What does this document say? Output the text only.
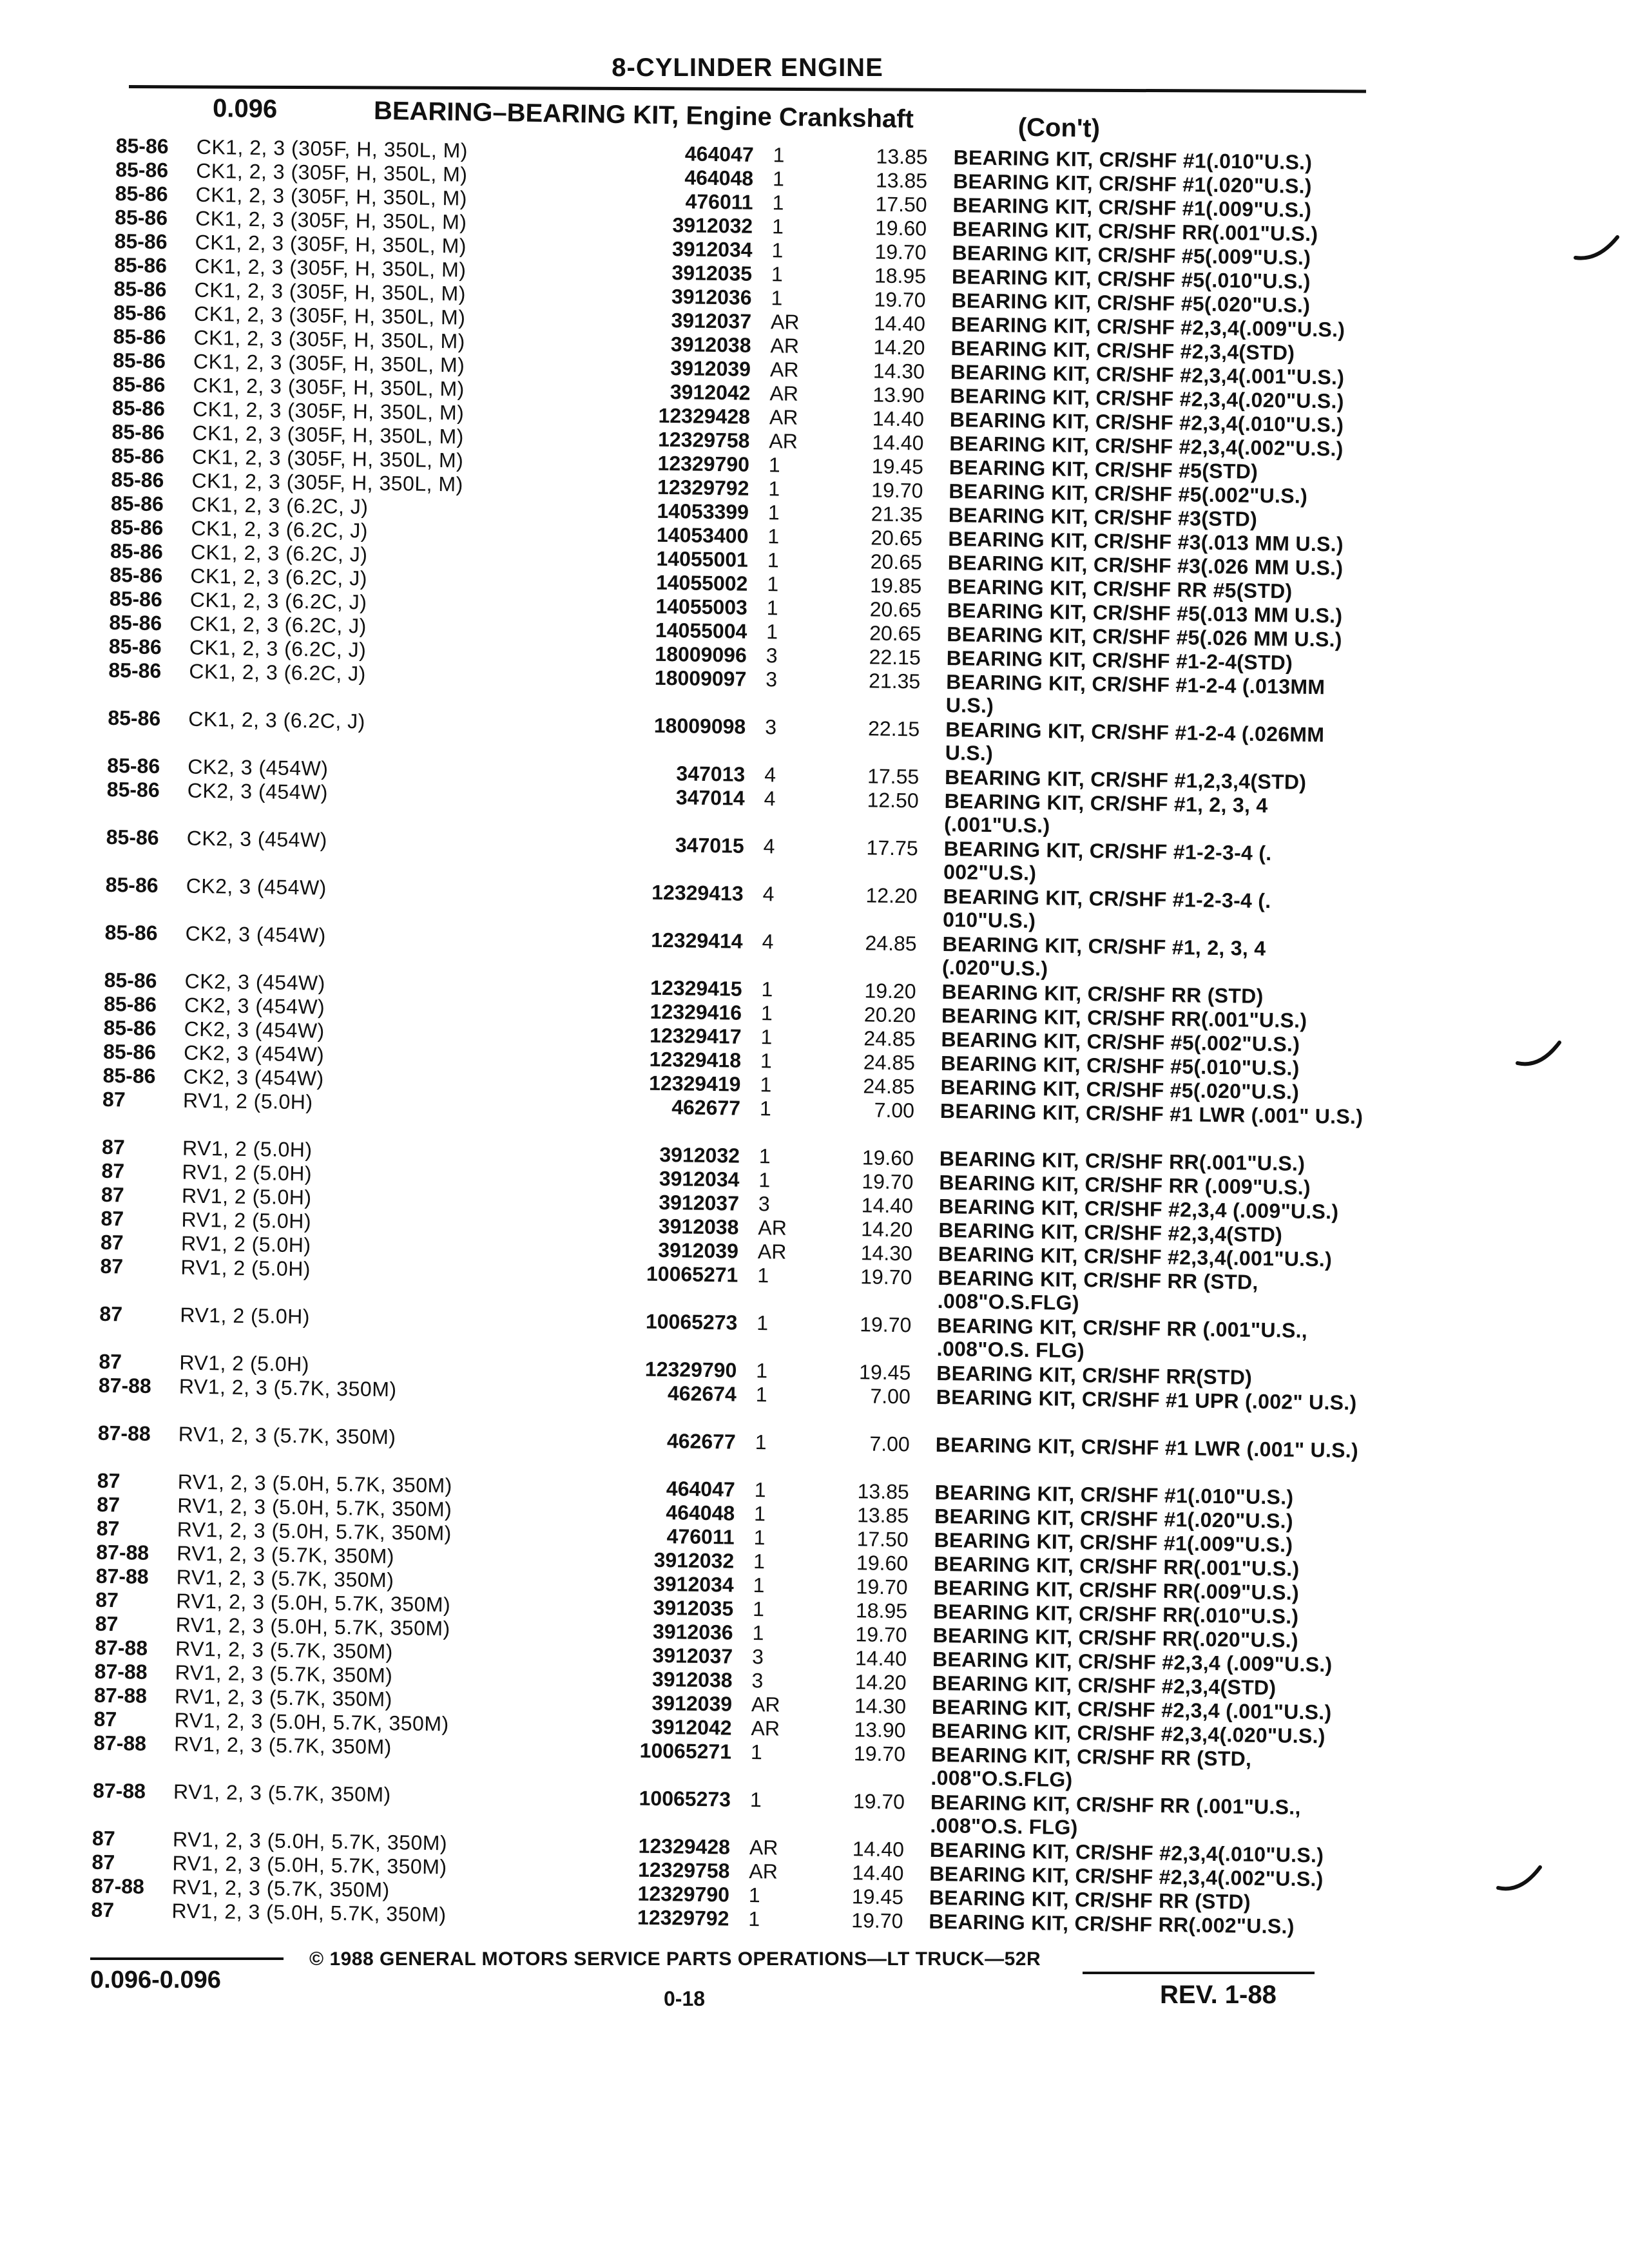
8-CYLINDER ENGINE
0.096	BEARING–BEARING KIT, Engine Crankshaft	(Con't)
85-86	CK1, 2, 3 (305F, H, 350L, M)	464047 1	13.85 BEARING KIT, CR/SHF #1(.010"U.S.)
85-86	CK1, 2, 3 (305F, H, 350L, M)	464048 1	13.85 BEARING KIT, CR/SHF #1(.020"U.S.)
85-86	CK1, 2, 3 (305F, H, 350L, M)	476011 1	17.50 BEARING KIT, CR/SHF #1(.009"U.S.)
85-86	CK1, 2, 3 (305F, H, 350L, M)	3912032 1	19.60 BEARING KIT, CR/SHF RR(.001"U.S.)
85-86	CK1, 2, 3 (305F, H, 350L, M)	3912034 1	19.70 BEARING KIT, CR/SHF #5(.009"U.S.)
85-86	CK1, 2, 3 (305F, H, 350L, M)	3912035 1	18.95 BEARING KIT, CR/SHF #5(.010"U.S.)
85-86	CK1, 2, 3 (305F, H, 350L, M)	3912036 1	19.70 BEARING KIT, CR/SHF #5(.020"U.S.)
85-86	CK1, 2, 3 (305F, H, 350L, M)	3912037 AR	14.40 BEARING KIT, CR/SHF #2,3,4(.009"U.S.)
85-86	CK1, 2, 3 (305F, H, 350L, M)	3912038 AR	14.20 BEARING KIT, CR/SHF #2,3,4(STD)
85-86	CK1, 2, 3 (305F, H, 350L, M)	3912039 AR	14.30 BEARING KIT, CR/SHF #2,3,4(.001"U.S.)
85-86	CK1, 2, 3 (305F, H, 350L, M)	3912042 AR	13.90 BEARING KIT, CR/SHF #2,3,4(.020"U.S.)
85-86	CK1, 2, 3 (305F, H, 350L, M)	12329428 AR	14.40 BEARING KIT, CR/SHF #2,3,4(.010"U.S.)
85-86	CK1, 2, 3 (305F, H, 350L, M)	12329758 AR	14.40 BEARING KIT, CR/SHF #2,3,4(.002"U.S.)
85-86	CK1, 2, 3 (305F, H, 350L, M)	12329790 1	19.45 BEARING KIT, CR/SHF #5(STD)
85-86	CK1, 2, 3 (305F, H, 350L, M)	12329792 1	19.70 BEARING KIT, CR/SHF #5(.002"U.S.)
85-86	CK1, 2, 3 (6.2C, J)	14053399 1	21.35 BEARING KIT, CR/SHF #3(STD)
85-86	CK1, 2, 3 (6.2C, J)	14053400 1	20.65 BEARING KIT, CR/SHF #3(.013 MM U.S.)
85-86	CK1, 2, 3 (6.2C, J)	14055001 1	20.65 BEARING KIT, CR/SHF #3(.026 MM U.S.)
85-86	CK1, 2, 3 (6.2C, J)	14055002 1	19.85 BEARING KIT, CR/SHF RR #5(STD)
85-86	CK1, 2, 3 (6.2C, J)	14055003 1	20.65 BEARING KIT, CR/SHF #5(.013 MM U.S.)
85-86	CK1, 2, 3 (6.2C, J)	14055004 1	20.65 BEARING KIT, CR/SHF #5(.026 MM U.S.)
85-86	CK1, 2, 3 (6.2C, J)	18009096 3	22.15 BEARING KIT, CR/SHF #1-2-4(STD)
85-86	CK1, 2, 3 (6.2C, J)	18009097 3	21.35 BEARING KIT, CR/SHF #1-2-4 (.013MM U.S.)
85-86	CK1, 2, 3 (6.2C, J)	18009098 3	22.15 BEARING KIT, CR/SHF #1-2-4 (.026MM U.S.)
85-86	CK2, 3 (454W)	347013 4	17.55 BEARING KIT, CR/SHF #1,2,3,4(STD)
85-86	CK2, 3 (454W)	347014 4	12.50 BEARING KIT, CR/SHF #1, 2, 3, 4 (.001"U.S.)
85-86	CK2, 3 (454W)	347015 4	17.75 BEARING KIT, CR/SHF #1-2-3-4 (. 002"U.S.)
85-86	CK2, 3 (454W)	12329413 4	12.20 BEARING KIT, CR/SHF #1-2-3-4 (. 010"U.S.)
85-86	CK2, 3 (454W)	12329414 4	24.85 BEARING KIT, CR/SHF #1, 2, 3, 4 (.020"U.S.)
85-86	CK2, 3 (454W)	12329415 1	19.20 BEARING KIT, CR/SHF RR (STD)
85-86	CK2, 3 (454W)	12329416 1	20.20 BEARING KIT, CR/SHF RR(.001"U.S.)
85-86	CK2, 3 (454W)	12329417 1	24.85 BEARING KIT, CR/SHF #5(.002"U.S.)
85-86	CK2, 3 (454W)	12329418 1	24.85 BEARING KIT, CR/SHF #5(.010"U.S.)
85-86	CK2, 3 (454W)	12329419 1	24.85 BEARING KIT, CR/SHF #5(.020"U.S.)
87	RV1, 2 (5.0H)	462677 1	7.00 BEARING KIT, CR/SHF #1 LWR (.001" U.S.)
87	RV1, 2 (5.0H)	3912032 1	19.60 BEARING KIT, CR/SHF RR(.001"U.S.)
87	RV1, 2 (5.0H)	3912034 1	19.70 BEARING KIT, CR/SHF RR (.009"U.S.)
87	RV1, 2 (5.0H)	3912037 3	14.40 BEARING KIT, CR/SHF #2,3,4 (.009"U.S.)
87	RV1, 2 (5.0H)	3912038 AR	14.20 BEARING KIT, CR/SHF #2,3,4(STD)
87	RV1, 2 (5.0H)	3912039 AR	14.30 BEARING KIT, CR/SHF #2,3,4(.001"U.S.)
87	RV1, 2 (5.0H)	10065271 1	19.70 BEARING KIT, CR/SHF RR (STD, .008"O.S.FLG)
87	RV1, 2 (5.0H)	10065273 1	19.70 BEARING KIT, CR/SHF RR (.001"U.S., .008"O.S. FLG)
87	RV1, 2 (5.0H)	12329790 1	19.45 BEARING KIT, CR/SHF RR(STD)
87-88	RV1, 2, 3 (5.7K, 350M)	462674 1	7.00 BEARING KIT, CR/SHF #1 UPR (.002" U.S.)
87-88	RV1, 2, 3 (5.7K, 350M)	462677 1	7.00 BEARING KIT, CR/SHF #1 LWR (.001" U.S.)
87	RV1, 2, 3 (5.0H, 5.7K, 350M)	464047 1	13.85 BEARING KIT, CR/SHF #1(.010"U.S.)
87	RV1, 2, 3 (5.0H, 5.7K, 350M)	464048 1	13.85 BEARING KIT, CR/SHF #1(.020"U.S.)
87	RV1, 2, 3 (5.0H, 5.7K, 350M)	476011 1	17.50 BEARING KIT, CR/SHF #1(.009"U.S.)
87-88	RV1, 2, 3 (5.7K, 350M)	3912032 1	19.60 BEARING KIT, CR/SHF RR(.001"U.S.)
87-88	RV1, 2, 3 (5.7K, 350M)	3912034 1	19.70 BEARING KIT, CR/SHF RR(.009"U.S.)
87	RV1, 2, 3 (5.0H, 5.7K, 350M)	3912035 1	18.95 BEARING KIT, CR/SHF RR(.010"U.S.)
87	RV1, 2, 3 (5.0H, 5.7K, 350M)	3912036 1	19.70 BEARING KIT, CR/SHF RR(.020"U.S.)
87-88	RV1, 2, 3 (5.7K, 350M)	3912037 3	14.40 BEARING KIT, CR/SHF #2,3,4 (.009"U.S.)
87-88	RV1, 2, 3 (5.7K, 350M)	3912038 3	14.20 BEARING KIT, CR/SHF #2,3,4(STD)
87-88	RV1, 2, 3 (5.7K, 350M)	3912039 AR	14.30 BEARING KIT, CR/SHF #2,3,4 (.001"U.S.)
87	RV1, 2, 3 (5.0H, 5.7K, 350M)	3912042 AR	13.90 BEARING KIT, CR/SHF #2,3,4(.020"U.S.)
87-88	RV1, 2, 3 (5.7K, 350M)	10065271 1	19.70 BEARING KIT, CR/SHF RR (STD, .008"O.S.FLG)
87-88	RV1, 2, 3 (5.7K, 350M)	10065273 1	19.70 BEARING KIT, CR/SHF RR (.001"U.S., .008"O.S. FLG)
87	RV1, 2, 3 (5.0H, 5.7K, 350M)	12329428 AR	14.40 BEARING KIT, CR/SHF #2,3,4(.010"U.S.)
87	RV1, 2, 3 (5.0H, 5.7K, 350M)	12329758 AR	14.40 BEARING KIT, CR/SHF #2,3,4(.002"U.S.)
87-88	RV1, 2, 3 (5.7K, 350M)	12329790 1	19.45 BEARING KIT, CR/SHF RR (STD)
87	RV1, 2, 3 (5.0H, 5.7K, 350M)	12329792 1	19.70 BEARING KIT, CR/SHF RR(.002"U.S.)
0.096-0.096
© 1988 GENERAL MOTORS SERVICE PARTS OPERATIONS—LT TRUCK—52R
0-18	REV. 1-88
